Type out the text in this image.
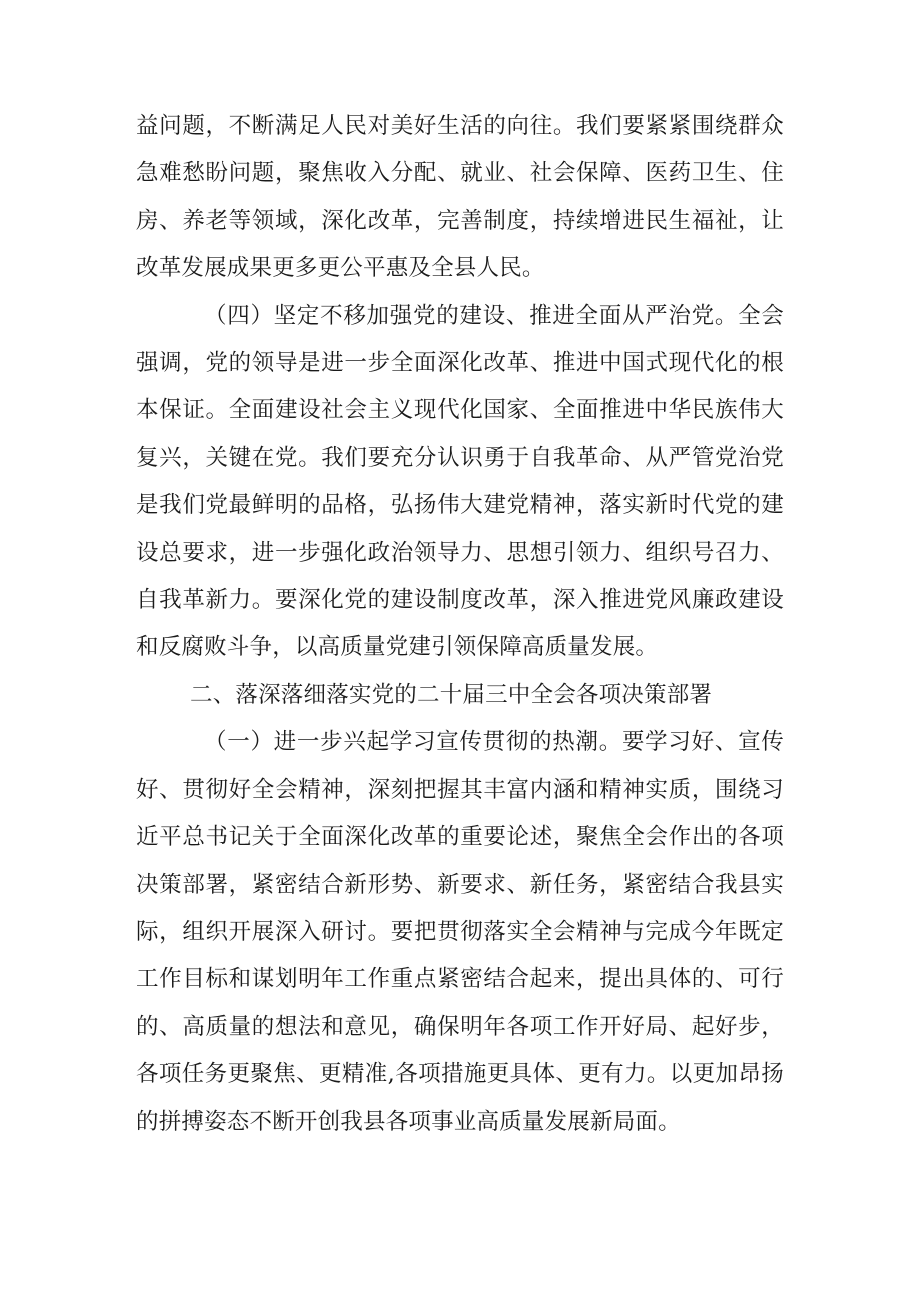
益问题，不断满足人民对美好生活的向往。我们要紧紧围绕群众急难愁盼问题，聚焦收入分配、就业、社会保障、医药卫生、住房、养老等领域，深化改革，完善制度，持续增进民生福祉，让改革发展成果更多更公平惠及全县人民。

（四）坚定不移加强党的建设、推进全面从严治党。全会强调，党的领导是进一步全面深化改革、推进中国式现代化的根本保证。全面建设社会主义现代化国家、全面推进中华民族伟大复兴，关键在党。我们要充分认识勇于自我革命、从严管党治党是我们党最鲜明的品格，弘扬伟大建党精神，落实新时代党的建设总要求，进一步强化政治领导力、思想引领力、组织号召力、自我革新力。要深化党的建设制度改革，深入推进党风廉政建设和反腐败斗争，以高质量党建引领保障高质量发展。

二、落深落细落实党的二十届三中全会各项决策部署

（一）进一步兴起学习宣传贯彻的热潮。要学习好、宣传好、贯彻好全会精神，深刻把握其丰富内涵和精神实质，围绕习近平总书记关于全面深化改革的重要论述，聚焦全会作出的各项决策部署，紧密结合新形势、新要求、新任务，紧密结合我县实际，组织开展深入研讨。要把贯彻落实全会精神与完成今年既定工作目标和谋划明年工作重点紧密结合起来，提出具体的、可行的、高质量的想法和意见，确保明年各项工作开好局、起好步，各项任务更聚焦、更精准,各项措施更具体、更有力。以更加昂扬的拼搏姿态不断开创我县各项事业高质量发展新局面。
